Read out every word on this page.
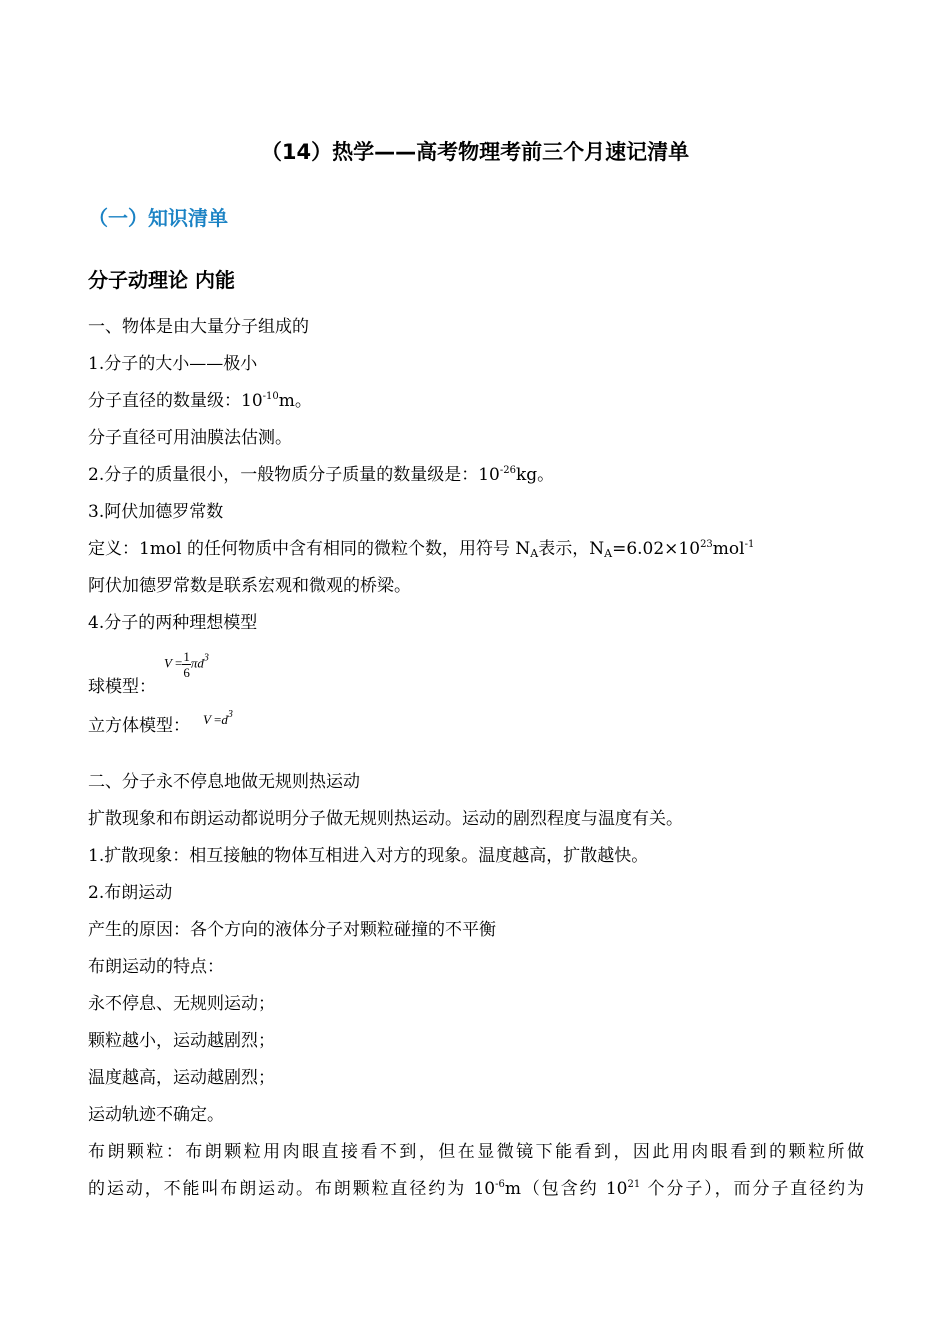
（14）热学——高考物理考前三个月速记清单
（一）知识清单
分子动理论 内能
一、物体是由大量分子组成的
1.分子的大小——极小
分子直径的数量级：$10^{-10}m$。
分子直径可用油膜法估测。
2.分子的质量很小，一般物质分子质量的数量级是：$10^{-26}kg$。
3.阿伏加德罗常数
定义：1mol 的任何物质中含有相同的微粒个数，用符号 $N_A$表示，$N_A=6.02\times 10^{23}mol^{-1}$
阿伏加德罗常数是联系宏观和微观的桥梁。
4.分子的两种理想模型
球模型：
$V = \frac{1}{6} \pi d^3$
立方体模型： $V =d^3$
二、分子永不停息地做无规则热运动
扩散现象和布朗运动都说明分子做无规则热运动。运动的剧烈程度与温度有关。
1.扩散现象：相互接触的物体互相进入对方的现象。温度越高，扩散越快。
2.布朗运动
产生的原因：各个方向的液体分子对颗粒碰撞的不平衡
布朗运动的特点：
永不停息、无规则运动；
颗粒越小，运动越剧烈；
温度越高，运动越剧烈；
运动轨迹不确定。
布朗颗粒：布朗颗粒用肉眼直接看不到，但在显微镜下能看到，因此用肉眼看到的颗粒所做
的运动，不能叫布朗运动。布朗颗粒直径约为 $10^{-6}m$（包含约 $10^{21}$ 个分子），而分子直径约为
